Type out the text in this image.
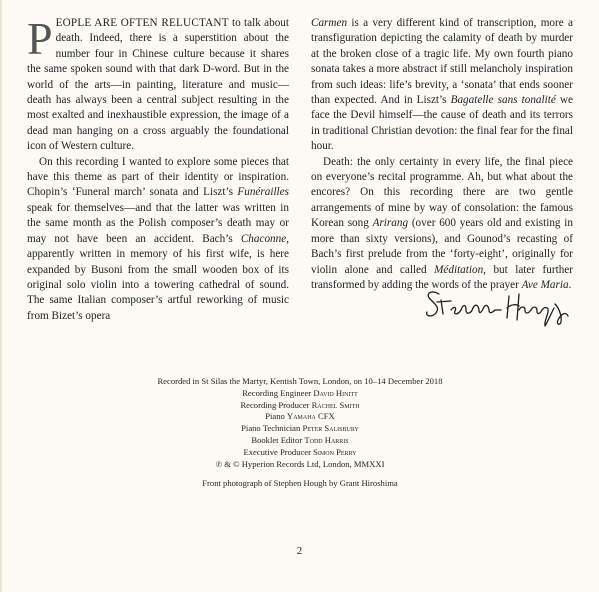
PEOPLE ARE OFTEN RELUCTANT to talk about death. Indeed, there is a superstition about the number four in Chinese culture because it shares the same spoken sound with that dark D-word. But in the world of the arts—in painting, literature and music—death has always been a central subject resulting in the most exalted and inexhaustible expression, the image of a dead man hanging on a cross arguably the foundational icon of Western culture.

On this recording I wanted to explore some pieces that have this theme as part of their identity or inspiration. Chopin’s ‘Funeral march’ sonata and Liszt’s Funérailles speak for themselves—and that the latter was written in the same month as the Polish composer’s death may or may not have been an accident. Bach’s Chaconne, apparently written in memory of his first wife, is here expanded by Busoni from the small wooden box of its original solo violin into a towering cathedral of sound. The same Italian composer’s artful reworking of music from Bizet’s opera

Carmen is a very different kind of transcription, more a transfiguration depicting the calamity of death by murder at the broken close of a tragic life. My own fourth piano sonata takes a more abstract if still melancholy inspiration from such ideas: life’s brevity, a ‘sonata’ that ends sooner than expected. And in Liszt’s Bagatelle sans tonalité we face the Devil himself—the cause of death and its terrors in traditional Christian devotion: the final fear for the final hour.

Death: the only certainty in every life, the final piece on everyone’s recital programme. Ah, but what about the encores? On this recording there are two gentle arrangements of mine by way of consolation: the famous Korean song Arirang (over 600 years old and existing in more than sixty versions), and Gounod’s recasting of Bach’s first prelude from the ‘forty-eight’, originally for violin alone and called Méditation, but later further transformed by adding the words of the prayer Ave Maria.

Recorded in St Silas the Martyr, Kentish Town, London, on 10–14 December 2018
Recording Engineer David Hinitt
Recording Producer Rachel Smith
Piano Yamaha CFX
Piano Technician Peter Salisbury
Booklet Editor Todd Harris
Executive Producer Simon Perry
℗ & © Hyperion Records Ltd, London, MMXXI
Front photograph of Stephen Hough by Grant Hiroshima
2
